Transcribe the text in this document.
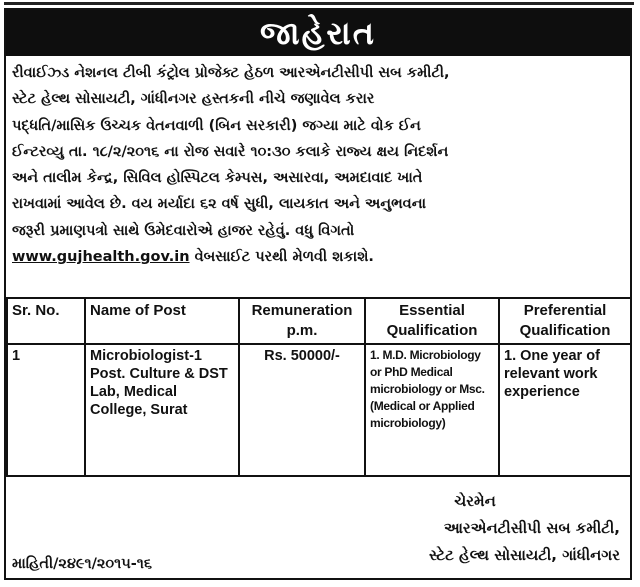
જાહેરાત
રીવાઈઝ્ડ નેશનલ ટીબી કંટ્રોલ પ્રોજેક્ટ હેઠળ આરએનટીસીપી સબ કમીટી,
સ્ટેટ હેલ્થ સોસાયટી, ગાંધીનગર હસ્તકની નીચે જણાવેલ કરાર
પદ્ધતિ/માસિક ઉચ્ચક વેતનવાળી (બિન સરકારી) જગ્યા માટે વોક ઈન
ઈન્ટરવ્યુ તા. ૧૮/૨/૨૦૧૬ ના રોજ સવારે ૧૦:૩૦ કલાકે રાજ્ય ક્ષય નિદર્શન
અને તાલીમ કેન્દ્ર, સિવિલ હોસ્પિટલ કેમ્પસ, અસારવા, અમદાવાદ ખાતે
રાખવામાં આવેલ છે. વય મર્યાદા ૬૨ વર્ષ સુધી, લાયકાત અને અનુભવના
જરૂરી પ્રમાણપત્રો સાથે ઉમેદવારોએ હાજર રહેવું. વધુ વિગતો
www.gujhealth.gov.in વેબસાઈટ પરથી મેળવી શકાશે.
Sr. No.	Name of Post	Remuneration p.m.	Essential Qualification	Preferential Qualification
1	Microbiologist-1 Post. Culture & DST Lab, Medical College, Surat	Rs. 50000/-	1. M.D. Microbiology or PhD Medical microbiology or Msc. (Medical or Applied microbiology)	1. One year of relevant work experience
ચેરમેન
આરએનટીસીપી સબ કમીટી,
સ્ટેટ હેલ્થ સોસાયટી, ગાંધીનગર
માહિતી/૨૪૯૧/૨૦૧૫-૧૬
